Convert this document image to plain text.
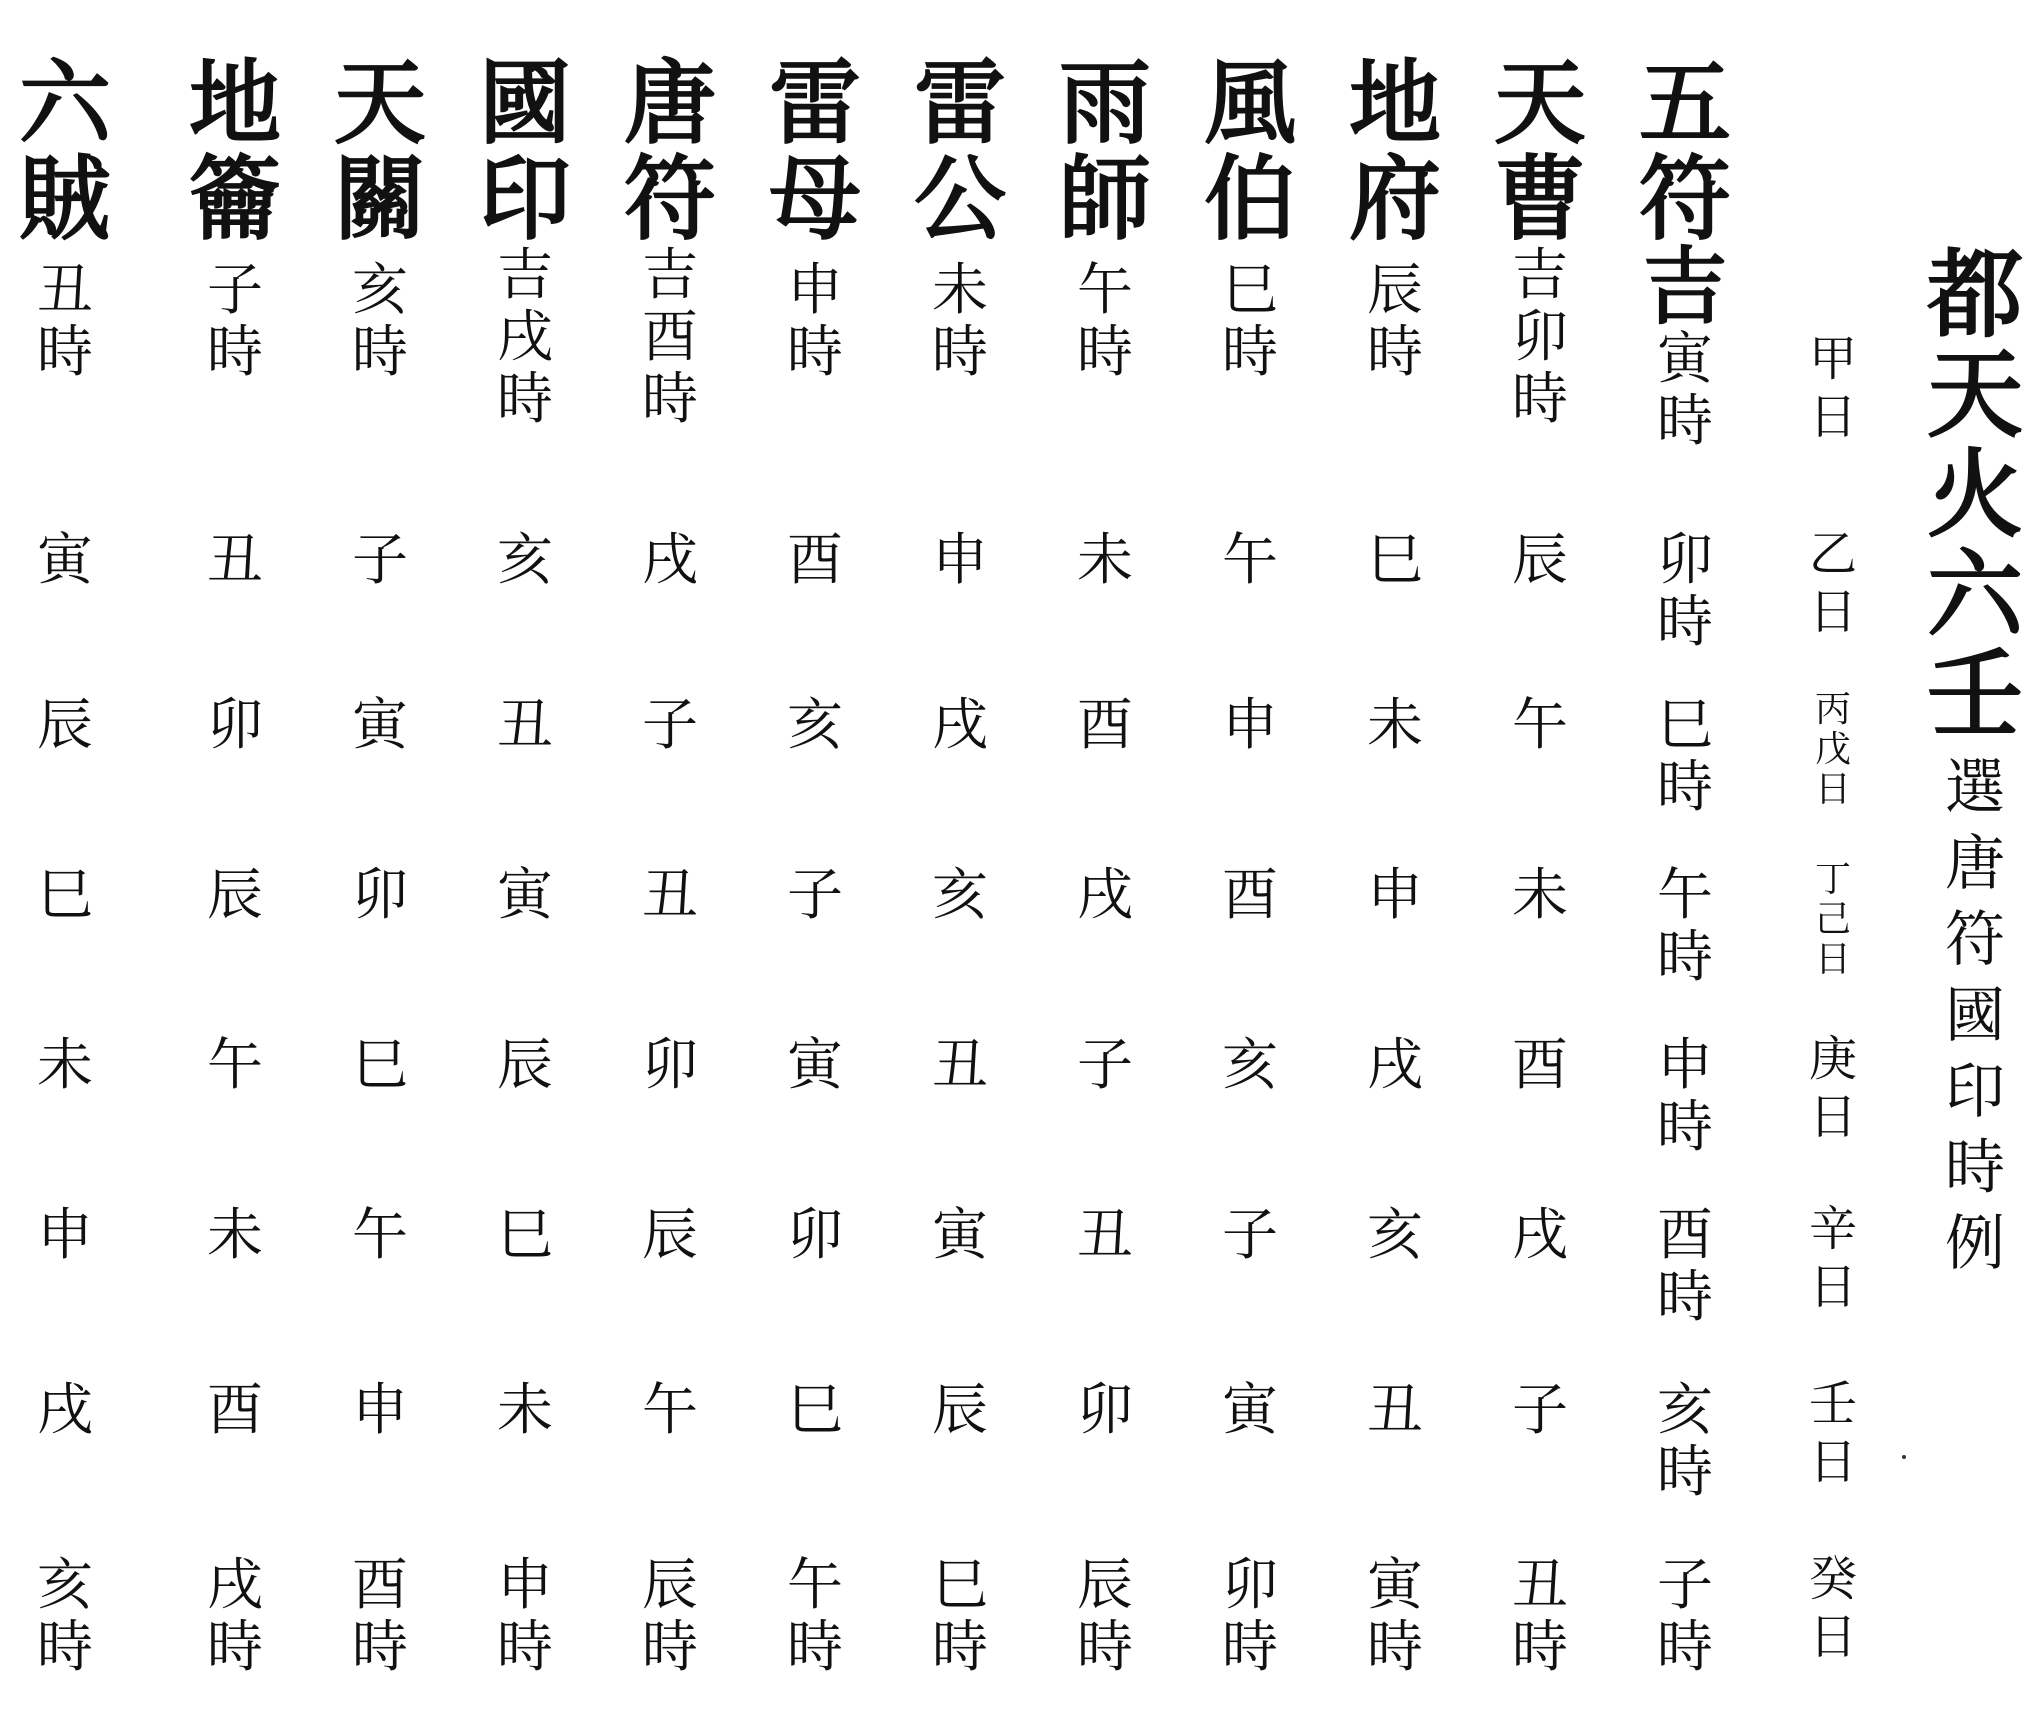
都
天
火
六
壬
選
唐
符
國
印
時
例
甲
日
乙
日
丙
戊
日
丁
己
日
庚
日
辛
日
壬
日
癸
日
五
符
吉
寅
時
卯
時
巳
時
午
時
申
時
酉
時
亥
時
子
時
天
曹
吉
卯
時
辰
午
未
酉
戌
子
丑
時
地
府
辰
時
巳
未
申
戌
亥
丑
寅
時
風
伯
巳
時
午
申
酉
亥
子
寅
卯
時
雨
師
午
時
未
酉
戌
子
丑
卯
辰
時
雷
公
未
時
申
戌
亥
丑
寅
辰
巳
時
雷
母
申
時
酉
亥
子
寅
卯
巳
午
時
唐
符
吉
酉
時
戌
子
丑
卯
辰
午
辰
時
國
印
吉
戌
時
亥
丑
寅
辰
巳
未
申
時
天
關
亥
時
子
寅
卯
巳
午
申
酉
時
地
籥
子
時
丑
卯
辰
午
未
酉
戌
時
六
賊
丑
時
寅
辰
巳
未
申
戌
亥
時
